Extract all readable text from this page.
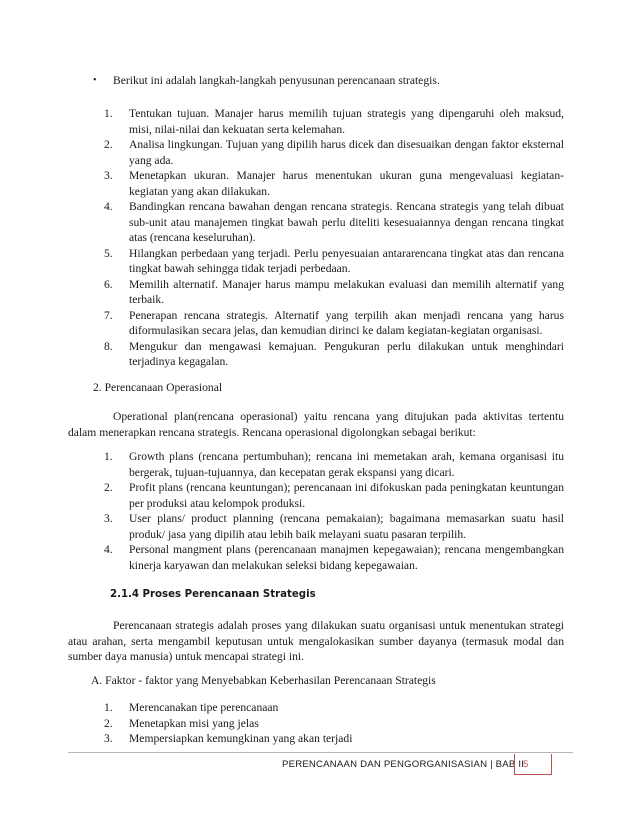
• Berikut ini adalah langkah-langkah penyusunan perencanaan strategis.
1. Tentukan tujuan. Manajer harus memilih tujuan strategis yang dipengaruhi oleh maksud, misi, nilai-nilai dan kekuatan serta kelemahan.
2. Analisa lingkungan. Tujuan yang dipilih harus dicek dan disesuaikan dengan faktor eksternal yang ada.
3. Menetapkan ukuran. Manajer harus menentukan ukuran guna mengevaluasi kegiatan-kegiatan yang akan dilakukan.
4. Bandingkan rencana bawahan dengan rencana strategis. Rencana strategis yang telah dibuat sub-unit atau manajemen tingkat bawah perlu diteliti kesesuaiannya dengan rencana tingkat atas (rencana keseluruhan).
5. Hilangkan perbedaan yang terjadi. Perlu penyesuaian antararencana tingkat atas dan rencana tingkat bawah sehingga tidak terjadi perbedaan.
6. Memilih alternatif. Manajer harus mampu melakukan evaluasi dan memilih alternatif yang terbaik.
7. Penerapan rencana strategis. Alternatif yang terpilih akan menjadi rencana yang harus diformulasikan secara jelas, dan kemudian dirinci ke dalam kegiatan-kegiatan organisasi.
8. Mengukur dan mengawasi kemajuan. Pengukuran perlu dilakukan untuk menghindari terjadinya kegagalan.
2. Perencanaan Operasional
Operational plan(rencana operasional) yaitu rencana yang ditujukan pada aktivitas tertentu dalam menerapkan rencana strategis. Rencana operasional digolongkan sebagai berikut:
1. Growth plans (rencana pertumbuhan); rencana ini memetakan arah, kemana organisasi itu bergerak, tujuan-tujuannya, dan kecepatan gerak ekspansi yang dicari.
2. Profit plans (rencana keuntungan); perencanaan ini difokuskan pada peningkatan keuntungan per produksi atau kelompok produksi.
3. User plans/ product planning (rencana pemakaian); bagaimana memasarkan suatu hasil produk/ jasa yang dipilih atau lebih baik melayani suatu pasaran terpilih.
4. Personal mangment plans (perencanaan manajmen kepegawaian); rencana mengembangkan kinerja karyawan dan melakukan seleksi bidang kepegawaian.
2.1.4 Proses Perencanaan Strategis
Perencanaan strategis adalah proses yang dilakukan suatu organisasi untuk menentukan strategi atau arahan, serta mengambil keputusan untuk mengalokasikan sumber dayanya (termasuk modal dan sumber daya manusia) untuk mencapai strategi ini.
A. Faktor - faktor yang Menyebabkan Keberhasilan Perencanaan Strategis
1. Merencanakan tipe perencanaan
2. Menetapkan misi yang jelas
3. Mempersiapkan kemungkinan yang akan terjadi
PERENCANAAN DAN PENGORGANISASIAN | BAB II
5
